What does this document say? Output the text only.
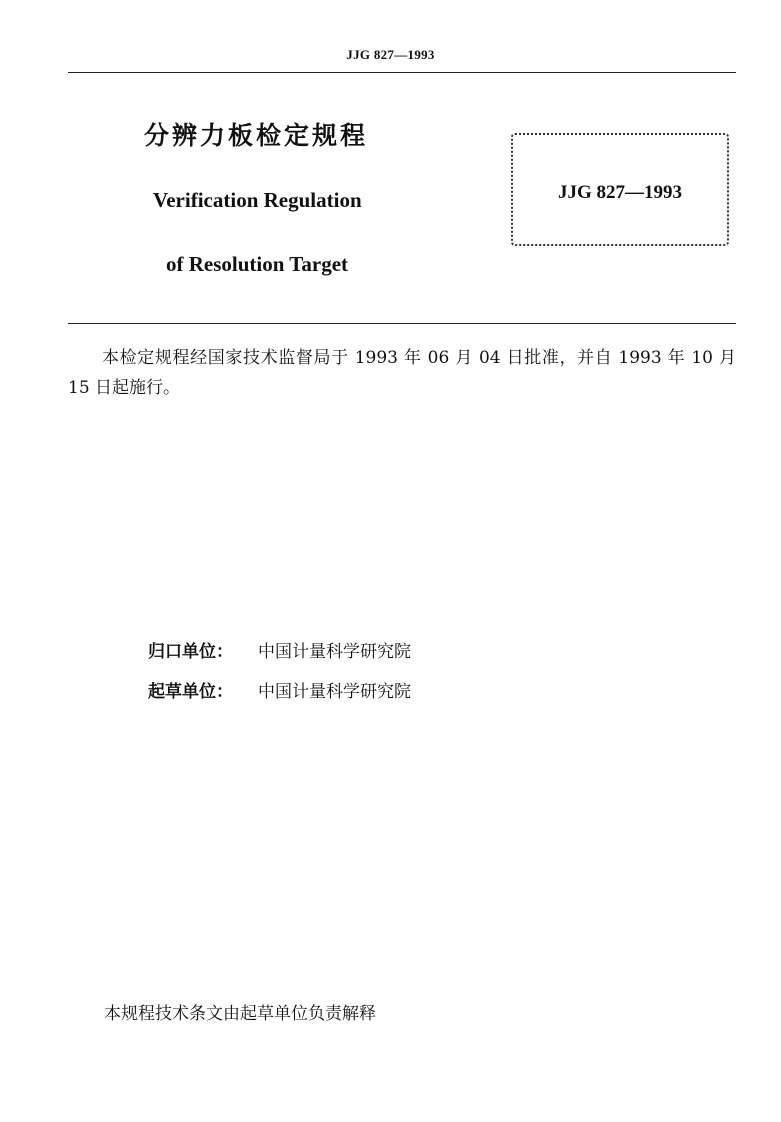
JJG 827—1993
分辨力板检定规程
Verification Regulation
of Resolution Target
JJG 827—1993
本检定规程经国家技术监督局于 1993 年 06 月 04 日批准，并自 1993 年 10 月 15 日起施行。
归口单位： 中国计量科学研究院
起草单位： 中国计量科学研究院
本规程技术条文由起草单位负责解释
